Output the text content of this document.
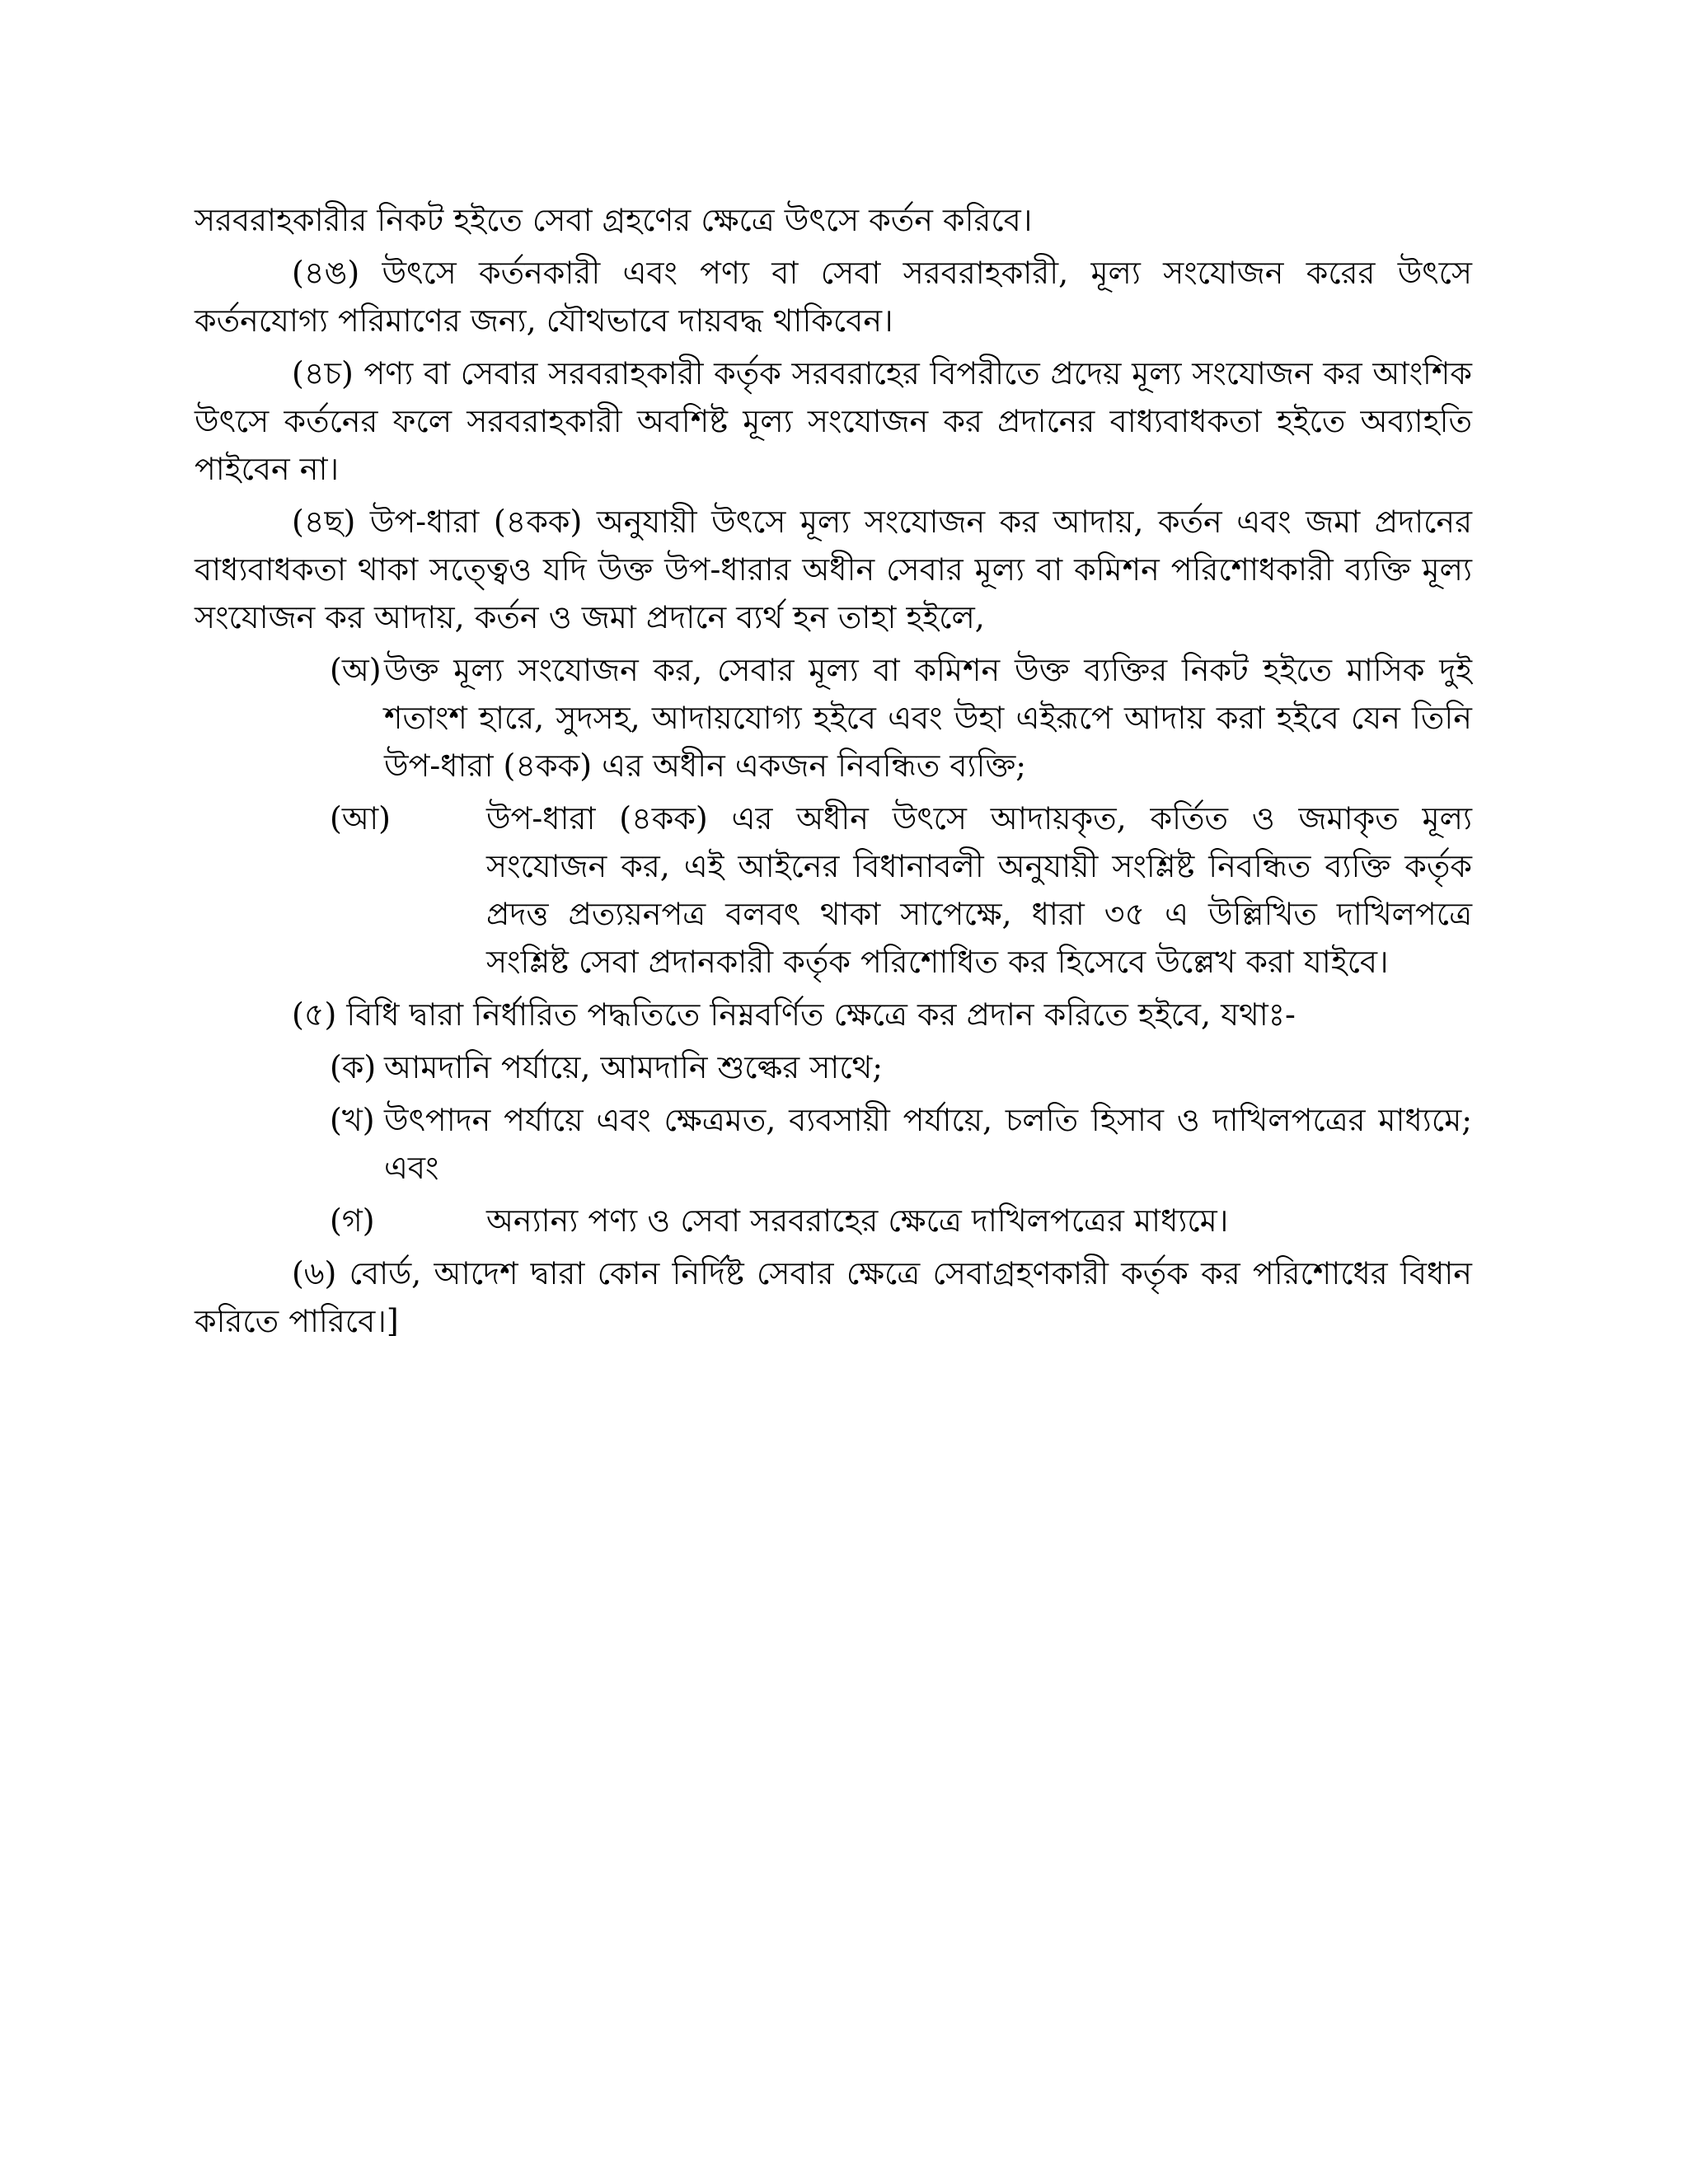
সরবরাহকারীর নিকট হইতে সেবা গ্রহণের ক্ষেত্রে উৎসে কর্তন করিবে।

(৪ঙ) উৎসে কর্তনকারী এবং পণ্য বা সেবা সরবরাহকারী, মূল্য সংযোজন করের উৎসে কর্তনযোগ্য পরিমাণের জন্য, যৌথভাবে দায়বদ্ধ থাকিবেন।

(৪চ) পণ্য বা সেবার সরবরাহকারী কর্তৃক সরবরাহের বিপরীতে প্রদেয় মূল্য সংযোজন কর আংশিক উৎসে কর্তনের ফলে সরবরাহকারী অবশিষ্ট মূল্য সংযোজন কর প্রদানের বাধ্যবাধকতা হইতে অব্যাহতি পাইবেন না।

(৪ছ) উপ-ধারা (৪কক) অনুযায়ী উৎসে মূল্য সংযোজন কর আদায়, কর্তন এবং জমা প্রদানের বাধ্যবাধকতা থাকা সত্ত্বেও যদি উক্ত উপ-ধারার অধীন সেবার মূল্য বা কমিশন পরিশোধকারী ব্যক্তি মূল্য সংযোজন কর আদায়, কর্তন ও জমা প্রদানে ব্যর্থ হন তাহা হইলে,

(অ) উক্ত মূল্য সংযোজন কর, সেবার মূল্য বা কমিশন উক্ত ব্যক্তির নিকট হইতে মাসিক দুই শতাংশ হারে, সুদসহ, আদায়যোগ্য হইবে এবং উহা এইরূপে আদায় করা হইবে যেন তিনি উপ-ধারা (৪কক) এর অধীন একজন নিবন্ধিত ব্যক্তি;
(আ)	উপ-ধারা (৪কক) এর অধীন উৎসে আদায়কৃত, কর্তিত ও জমাকৃত মূল্য সংযোজন কর, এই আইনের বিধানাবলী অনুযায়ী সংশ্লিষ্ট নিবন্ধিত ব্যক্তি কর্তৃক প্রদত্ত প্রত্যয়নপত্র বলবৎ থাকা সাপেক্ষে, ধারা ৩৫ এ উল্লিখিত দাখিলপত্রে সংশ্লিষ্ট সেবা প্রদানকারী কর্তৃক পরিশোধিত কর হিসেবে উল্লেখ করা যাইবে।

(৫) বিধি দ্বারা নির্ধারিত পদ্ধতিতে নিম্নবর্ণিত ক্ষেত্রে কর প্রদান করিতে হইবে, যথাঃ-

(ক) আমদানি পর্যায়ে, আমদানি শুল্কের সাথে;
(খ) উৎপাদন পর্যায়ে এবং ক্ষেত্রমত, ব্যবসায়ী পর্যায়ে, চলতি হিসাব ও দাখিলপত্রের মাধ্যমে; এবং
(গ)	অন্যান্য পণ্য ও সেবা সরবরাহের ক্ষেত্রে দাখিলপত্রের মাধ্যমে।

(৬) বোর্ড, আদেশ দ্বারা কোন নির্দিষ্ট সেবার ক্ষেত্রে সেবাগ্রহণকারী কর্তৃক কর পরিশোধের বিধান করিতে পারিবে।]
